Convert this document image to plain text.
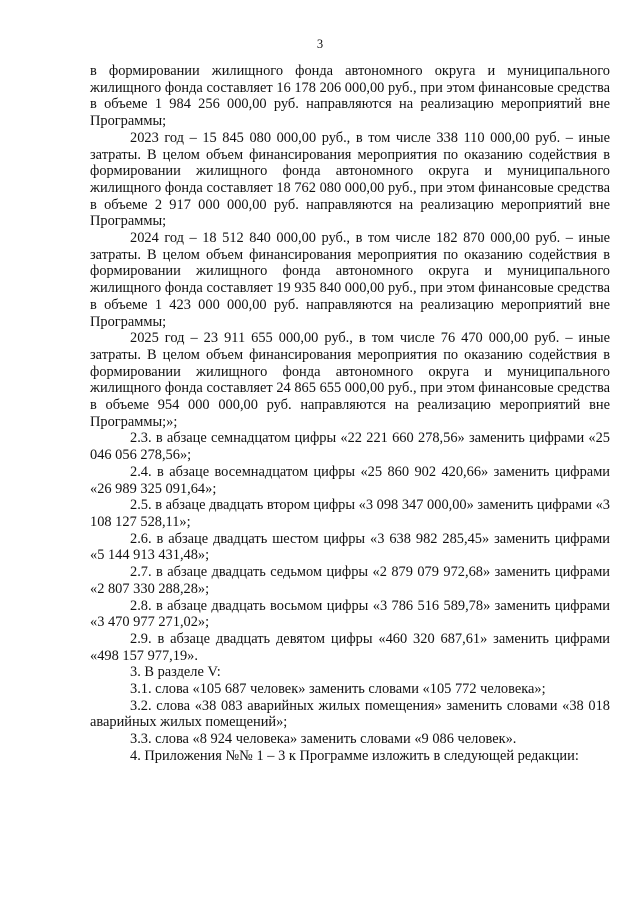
3

в формировании жилищного фонда автономного округа и муниципального жилищного фонда составляет 16 178 206 000,00 руб., при этом финансовые средства в объеме 1 984 256 000,00 руб. направляются на реализацию мероприятий вне Программы;

2023 год – 15 845 080 000,00 руб., в том числе 338 110 000,00 руб. – иные затраты. В целом объем финансирования мероприятия по оказанию содействия в формировании жилищного фонда автономного округа и муниципального жилищного фонда составляет 18 762 080 000,00 руб., при этом финансовые средства в объеме 2 917 000 000,00 руб. направляются на реализацию мероприятий вне Программы;

2024 год – 18 512 840 000,00 руб., в том числе 182 870 000,00 руб. – иные затраты. В целом объем финансирования мероприятия по оказанию содействия в формировании жилищного фонда автономного округа и муниципального жилищного фонда составляет 19 935 840 000,00 руб., при этом финансовые средства в объеме 1 423 000 000,00 руб. направляются на реализацию мероприятий вне Программы;

2025 год – 23 911 655 000,00 руб., в том числе 76 470 000,00 руб. – иные затраты. В целом объем финансирования мероприятия по оказанию содействия в формировании жилищного фонда автономного округа и муниципального жилищного фонда составляет 24 865 655 000,00 руб., при этом финансовые средства в объеме 954 000 000,00 руб. направляются на реализацию мероприятий вне Программы;»;

2.3. в абзаце семнадцатом цифры «22 221 660 278,56» заменить цифрами «25 046 056 278,56»;

2.4. в абзаце восемнадцатом цифры «25 860 902 420,66» заменить цифрами «26 989 325 091,64»;

2.5. в абзаце двадцать втором цифры «3 098 347 000,00» заменить цифрами «3 108 127 528,11»;

2.6. в абзаце двадцать шестом цифры «3 638 982 285,45» заменить цифрами «5 144 913 431,48»;

2.7. в абзаце двадцать седьмом цифры «2 879 079 972,68» заменить цифрами «2 807 330 288,28»;

2.8. в абзаце двадцать восьмом цифры «3 786 516 589,78» заменить цифрами «3 470 977 271,02»;

2.9. в абзаце двадцать девятом цифры «460 320 687,61» заменить цифрами «498 157 977,19».

3. В разделе V:

3.1. слова «105 687 человек» заменить словами «105 772 человека»;

3.2. слова «38 083 аварийных жилых помещения» заменить словами «38 018 аварийных жилых помещений»;

3.3. слова «8 924 человека» заменить словами «9 086 человек».

4. Приложения №№ 1 – 3 к Программе изложить в следующей редакции:
